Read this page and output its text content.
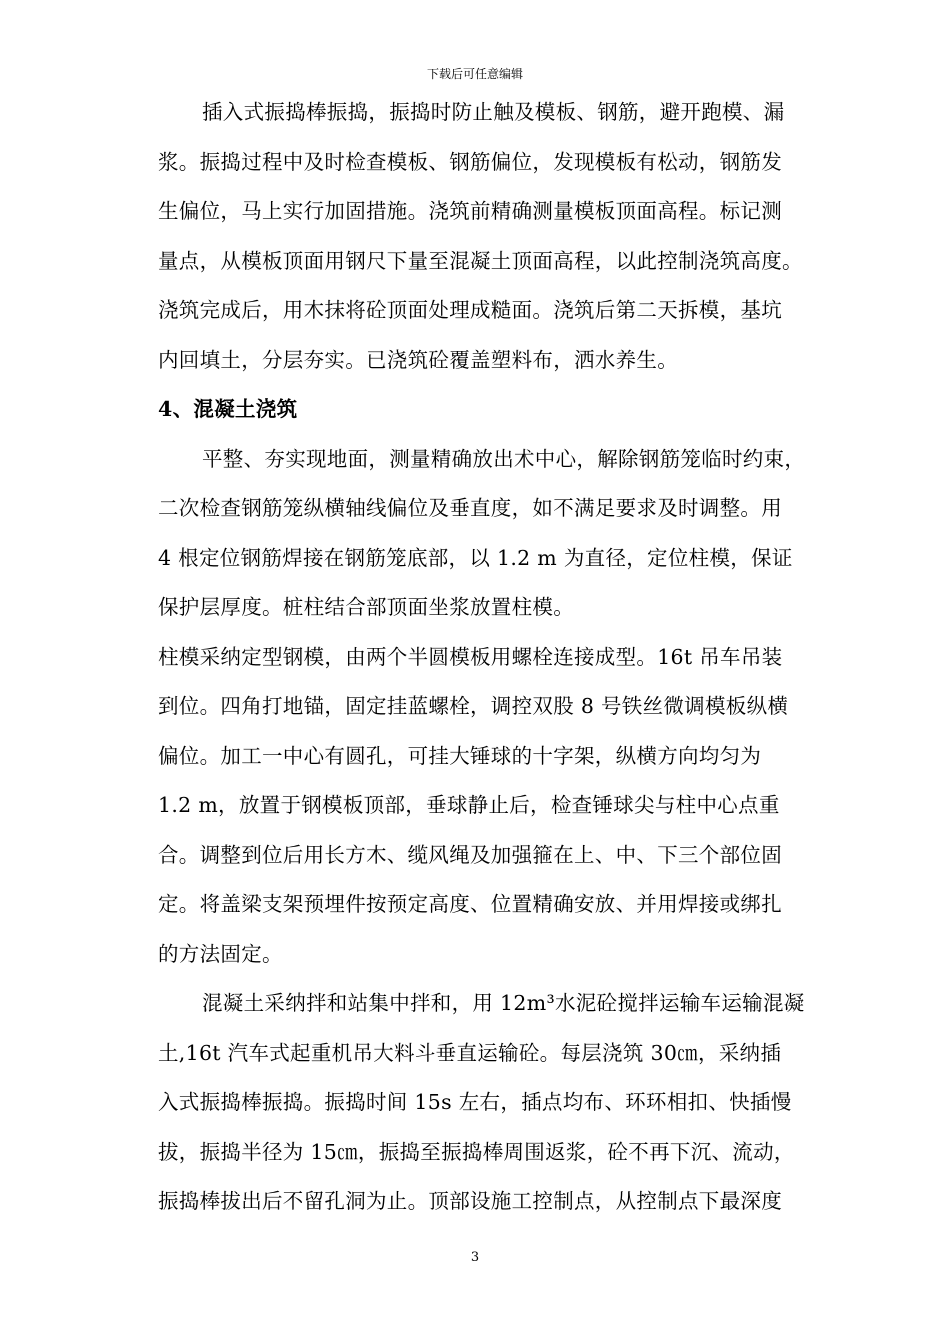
下载后可任意编辑
插入式振捣棒振捣，振捣时防止触及模板、钢筋，避开跑模、漏
浆。振捣过程中及时检查模板、钢筋偏位，发现模板有松动，钢筋发
生偏位，马上实行加固措施。浇筑前精确测量模板顶面高程。标记测
量点，从模板顶面用钢尺下量至混凝土顶面高程，以此控制浇筑高度。
浇筑完成后，用木抹将砼顶面处理成糙面。浇筑后第二天拆模，基坑
内回填土，分层夯实。已浇筑砼覆盖塑料布，洒水养生。
4、混凝土浇筑
平整、夯实现地面，测量精确放出术中心，解除钢筋笼临时约束，
二次检查钢筋笼纵横轴线偏位及垂直度，如不满足要求及时调整。用
4 根定位钢筋焊接在钢筋笼底部，以 1.2 m 为直径，定位柱模，保证
保护层厚度。桩柱结合部顶面坐浆放置柱模。
柱模采纳定型钢模，由两个半圆模板用螺栓连接成型。16t 吊车吊装
到位。四角打地锚，固定挂蓝螺栓，调控双股 8 号铁丝微调模板纵横
偏位。加工一中心有圆孔，可挂大锤球的十字架，纵横方向均匀为
1.2 m，放置于钢模板顶部，垂球静止后，检查锤球尖与柱中心点重
合。调整到位后用长方木、缆风绳及加强箍在上、中、下三个部位固
定。将盖梁支架预埋件按预定高度、位置精确安放、并用焊接或绑扎
的方法固定。
混凝土采纳拌和站集中拌和，用 12m³水泥砼搅拌运输车运输混凝
土,16t 汽车式起重机吊大料斗垂直运输砼。每层浇筑 30㎝，采纳插
入式振捣棒振捣。振捣时间 15s 左右，插点均布、环环相扣、快插慢
拔，振捣半径为 15㎝，振捣至振捣棒周围返浆，砼不再下沉、流动，
振捣棒拔出后不留孔洞为止。顶部设施工控制点，从控制点下最深度
3
